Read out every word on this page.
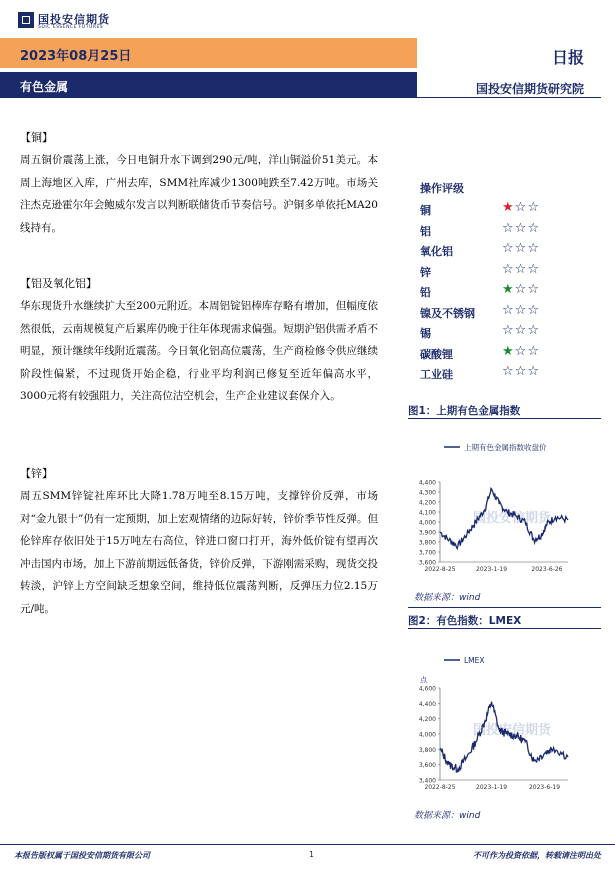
国投安信期货
SDIC ESSENCE FUTURES
2023年08月25日	日报
有色金属	国投安信期货研究院
【铜】
周五铜价震荡上涨，今日电铜升水下调到290元/吨，洋山铜溢价51美元。本周上海地区入库，广州去库，SMM社库减少1300吨跌至7.42万吨。市场关注杰克逊霍尔年会鲍威尔发言以判断联储货币节奏信号。沪铜多单依托MA20线持有。
【铝及氧化铝】
华东现货升水继续扩大至200元附近。本周铝锭铝棒库存略有增加，但幅度依然很低，云南规模复产后累库仍晚于往年体现需求偏强。短期沪铝供需矛盾不明显，预计继续年线附近震荡。今日氧化铝高位震荡，生产商检修令供应继续阶段性偏紧，不过现货开始企稳，行业平均利润已修复至近年偏高水平，3000元将有较强阻力，关注高位沽空机会，生产企业建议套保介入。
【锌】
周五SMM锌锭社库环比大降1.78万吨至8.15万吨，支撑锌价反弹，市场对“金九银十”仍有一定预期，加上宏观情绪的边际好转，锌价季节性反弹。但伦锌库存依旧处于15万吨左右高位，锌进口窗口打开，海外低价锭有望再次冲击国内市场，加上下游前期远低备货，锌价反弹，下游刚需采购，现货交投转淡，沪锌上方空间缺乏想象空间，维持低位震荡判断，反弹压力位2.15万元/吨。
操作评级
铜	★☆☆
铝	☆☆☆
氧化铝	☆☆☆
锌	☆☆☆
铅	★☆☆
镍及不锈钢 ☆☆☆
锡	☆☆☆
碳酸锂	★☆☆
工业硅	☆☆☆
图1：上期有色金属指数
上期有色金属指数收盘价
3,600
3,700
3,800
3,900
4,000
4,100
4,200
4,300
4,400
2022-8-25	2023-1-19	2023-6-26
国投安信期货
数据来源：wind
图2：有色指数：LMEX
LMEX
点
3,400
3,600
3,800
4,000
4,200
4,400
4,600
2022-8-25	2023-1-19	2023-6-19
国投安信期货
数据来源：wind
本报告版权属于国投安信期货有限公司	1	不可作为投资依据，转载请注明出处
